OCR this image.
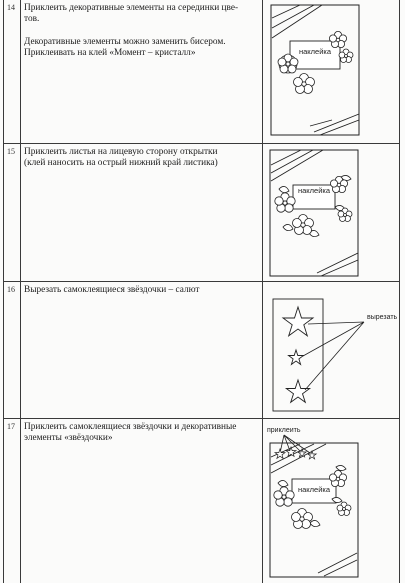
14 Приклеить декоративные элементы на серединки цве-
тов.

Декоративные элементы можно заменить бисером.
Приклеивать на клей «Момент – кристалл»	наклейка
15 Приклеить листья на лицевую сторону открытки
(клей наносить на острый нижний край листика)
наклейка
16 Вырезать самоклеящиеся звёздочки – салют
вырезать
17 Приклеить самоклеящиеся звёздочки и декоративные
элементы «звёздочки»
приклеить
наклейка
